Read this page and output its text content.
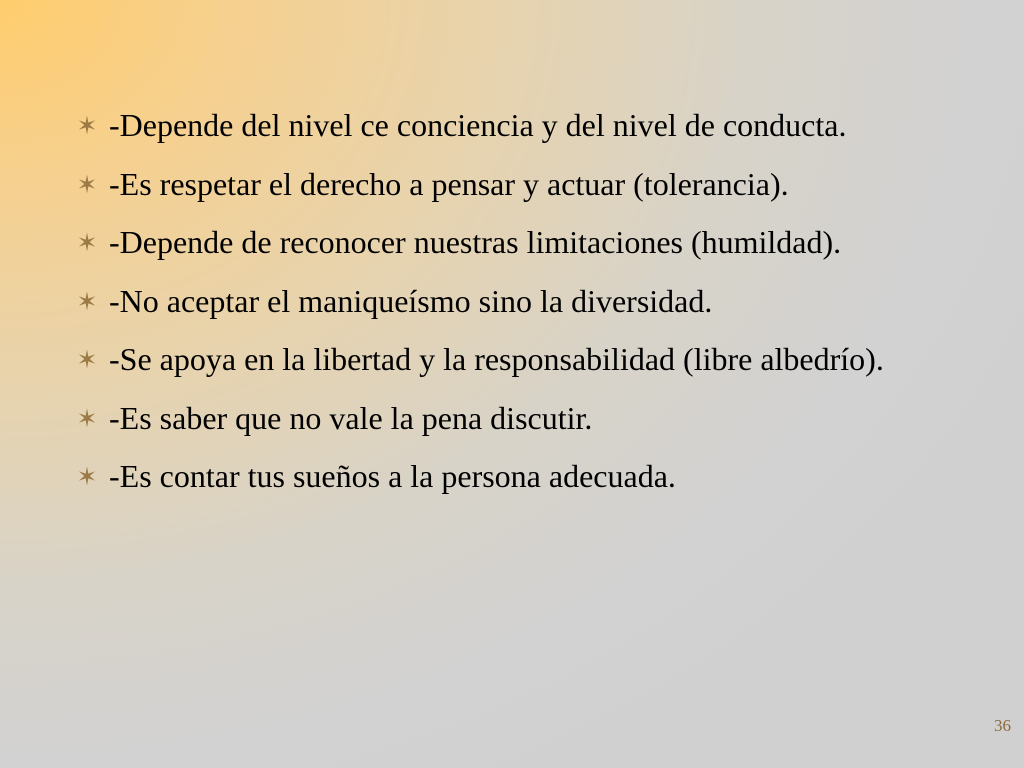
-Depende del nivel ce conciencia y del nivel de conducta.
-Es respetar el derecho a pensar y actuar (tolerancia).
-Depende de reconocer nuestras limitaciones (humildad).
-No aceptar el maniqueísmo sino la diversidad.
-Se apoya en la libertad y la responsabilidad (libre albedrío).
-Es saber que no vale la pena discutir.
-Es contar tus sueños a la persona adecuada.
36
